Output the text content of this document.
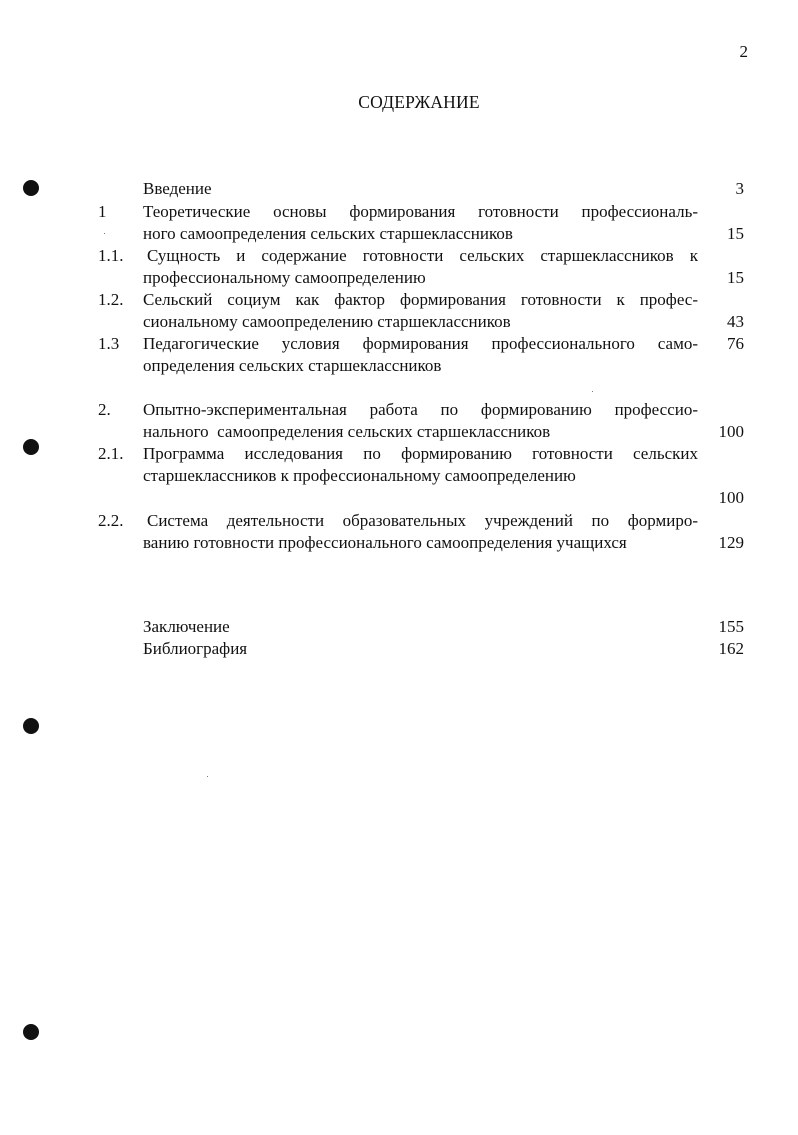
2
СОДЕРЖАНИЕ
Введение	3
1 Теоретические основы формирования готовности профессиональ-
ного самоопределения сельских старшеклассников	15
1.1. Сущность и содержание готовности сельских старшеклассников к
профессиональному самоопределению	15
1.2. Сельский социум как фактор формирования готовности к профес-
сиональному самоопределению старшеклассников	43
1.3 Педагогические условия формирования профессионального само-	76
определения сельских старшеклассников
2. Опытно-экспериментальная работа по формированию профессио-
нального  самоопределения сельских старшеклассников	100
2.1. Программа исследования по формированию готовности сельских
старшеклассников к профессиональному самоопределению
100
2.2. Система деятельности образовательных учреждений по формиро-
ванию готовности профессионального самоопределения учащихся	129
Заключение	155
Библиография	162
